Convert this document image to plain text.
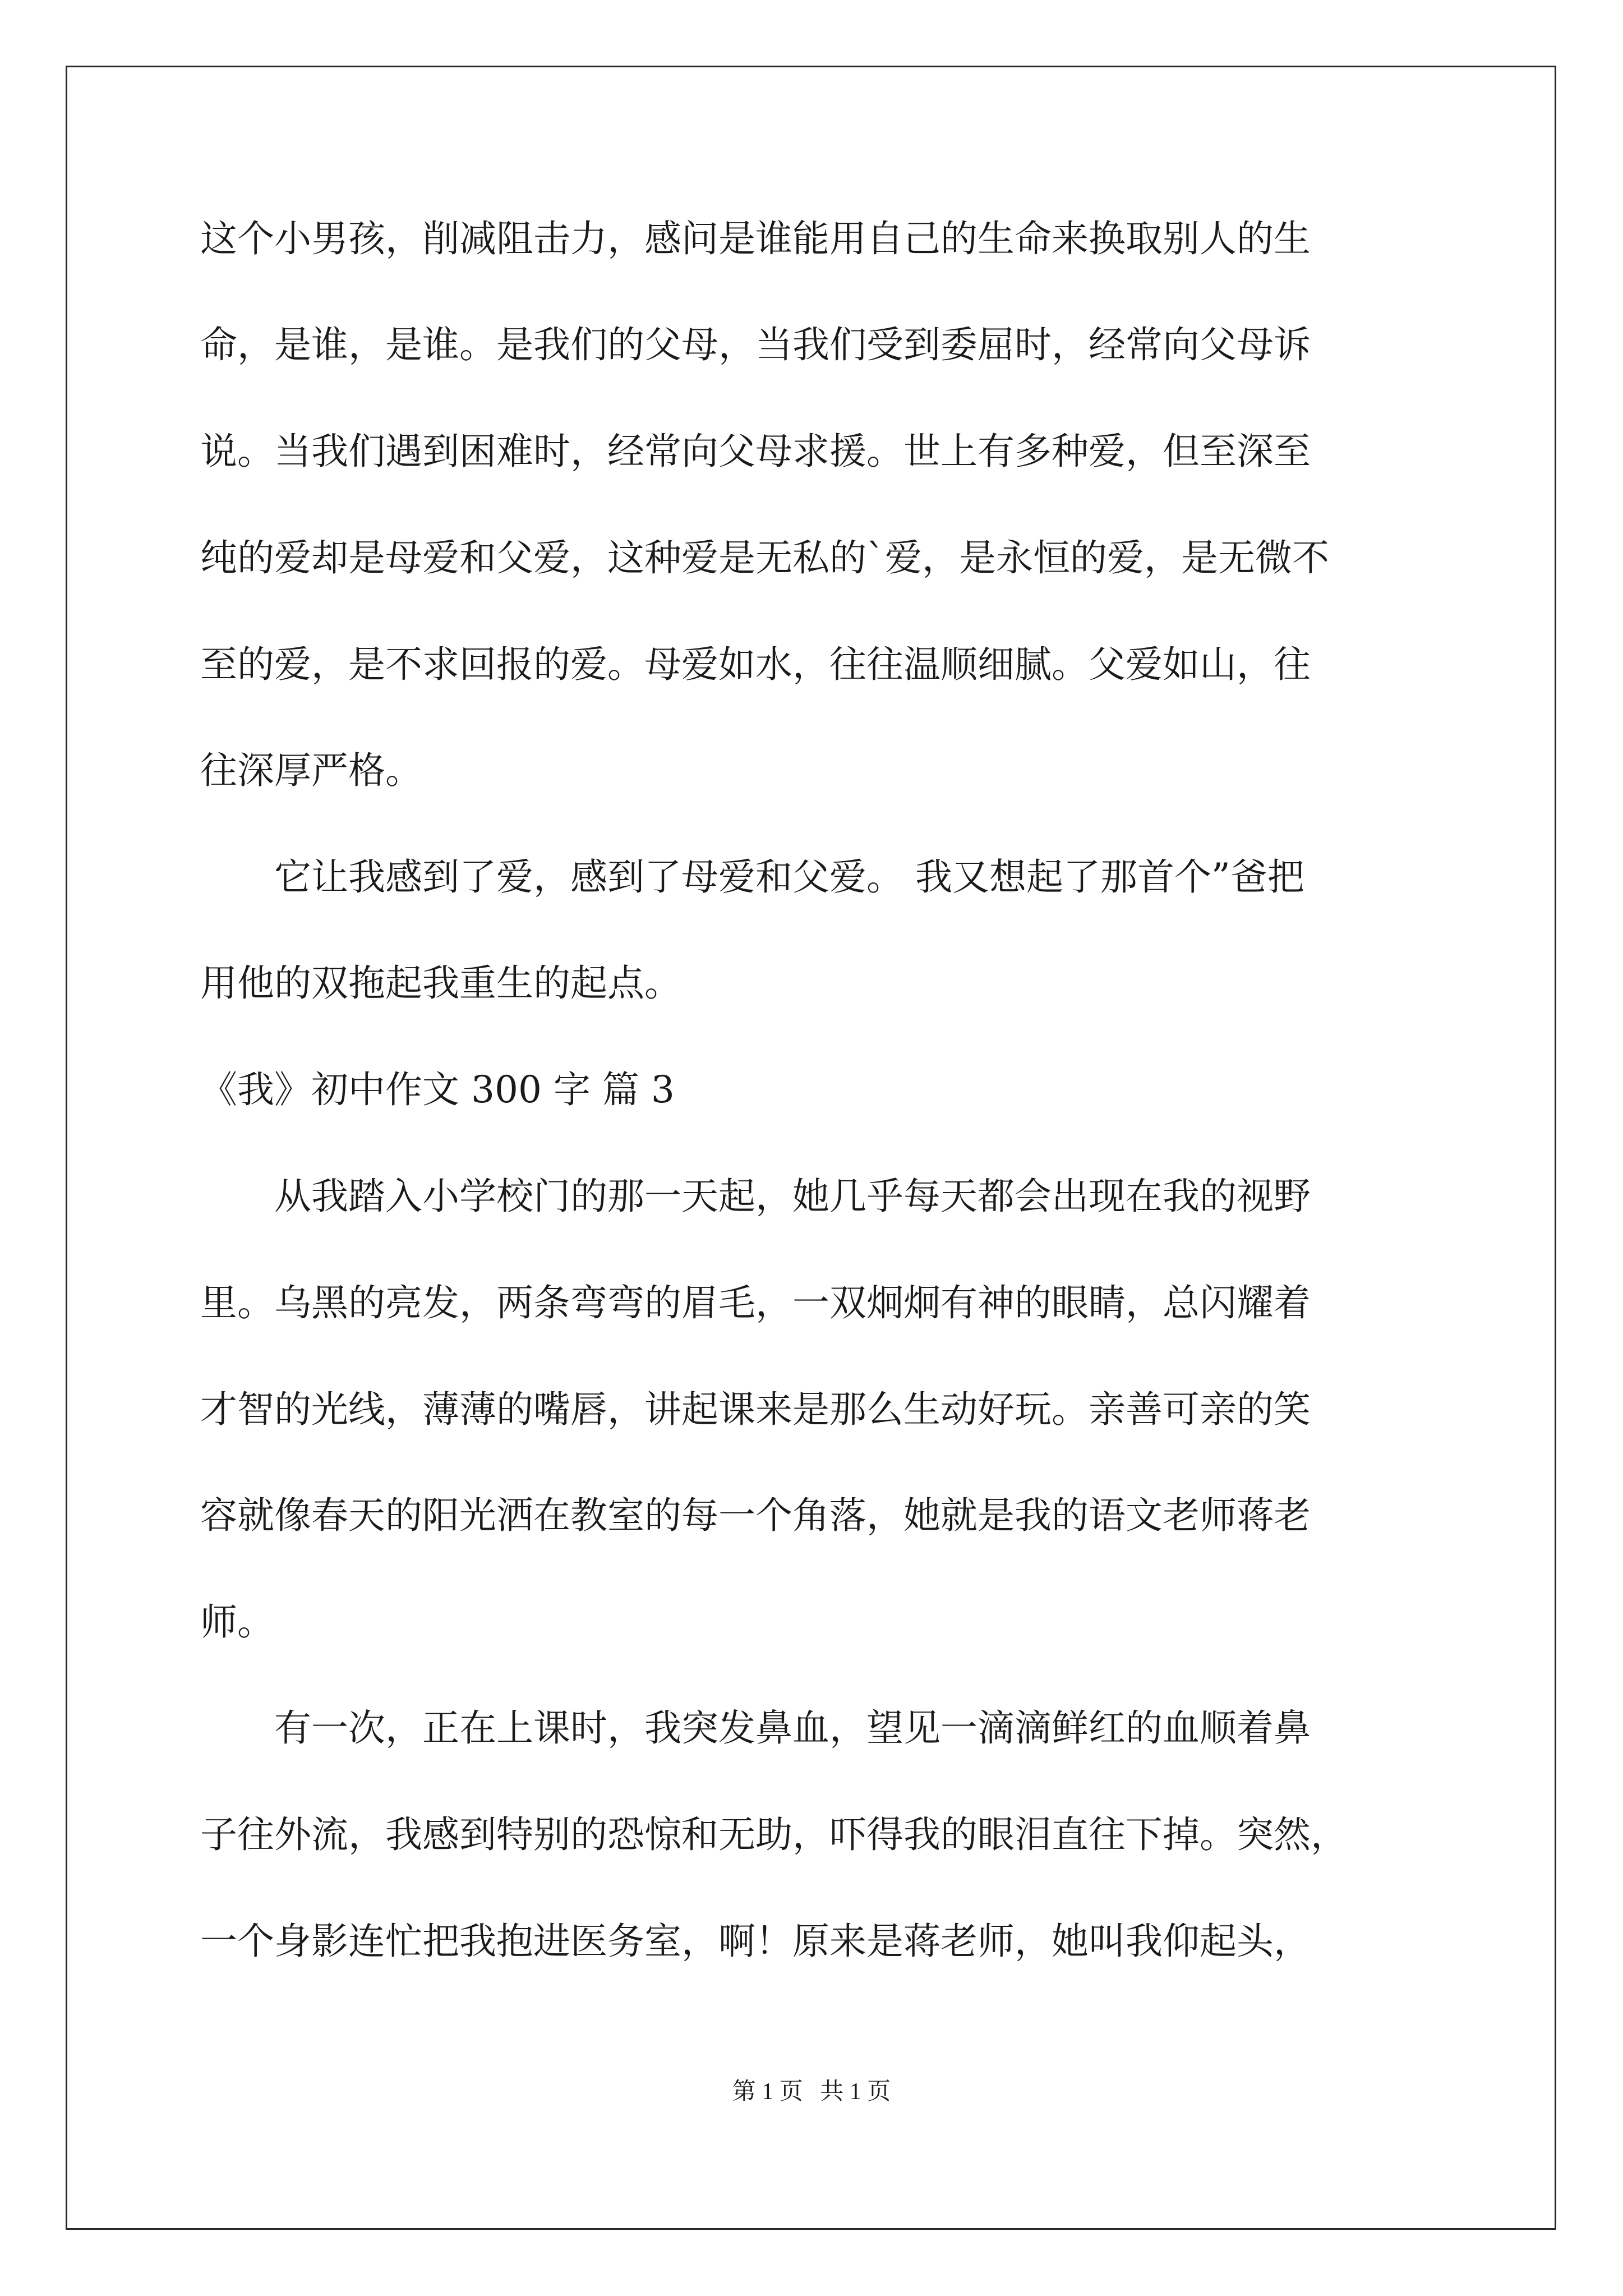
这个小男孩，削减阻击力，感问是谁能用自己的生命来换取别人的生
命，是谁，是谁。是我们的父母，当我们受到委屈时，经常向父母诉
说。当我们遇到困难时，经常向父母求援。世上有多种爱，但至深至
纯的爱却是母爱和父爱，这种爱是无私的`爱，是永恒的爱，是无微不
至的爱，是不求回报的爱。母爱如水，往往温顺细腻。父爱如山，往
往深厚严格。
　　它让我感到了爱，感到了母爱和父爱。 我又想起了那首个”爸把
用他的双拖起我重生的起点。
《我》初中作文 300 字 篇 3
　　从我踏入小学校门的那一天起，她几乎每天都会出现在我的视野
里。乌黑的亮发，两条弯弯的眉毛，一双炯炯有神的眼睛，总闪耀着
才智的光线，薄薄的嘴唇，讲起课来是那么生动好玩。亲善可亲的笑
容就像春天的阳光洒在教室的每一个角落，她就是我的语文老师蒋老
师。
　　有一次，正在上课时，我突发鼻血，望见一滴滴鲜红的血顺着鼻
子往外流，我感到特别的恐惊和无助，吓得我的眼泪直往下掉。突然，
一个身影连忙把我抱进医务室，啊！原来是蒋老师，她叫我仰起头，
第 1 页 共 1 页
